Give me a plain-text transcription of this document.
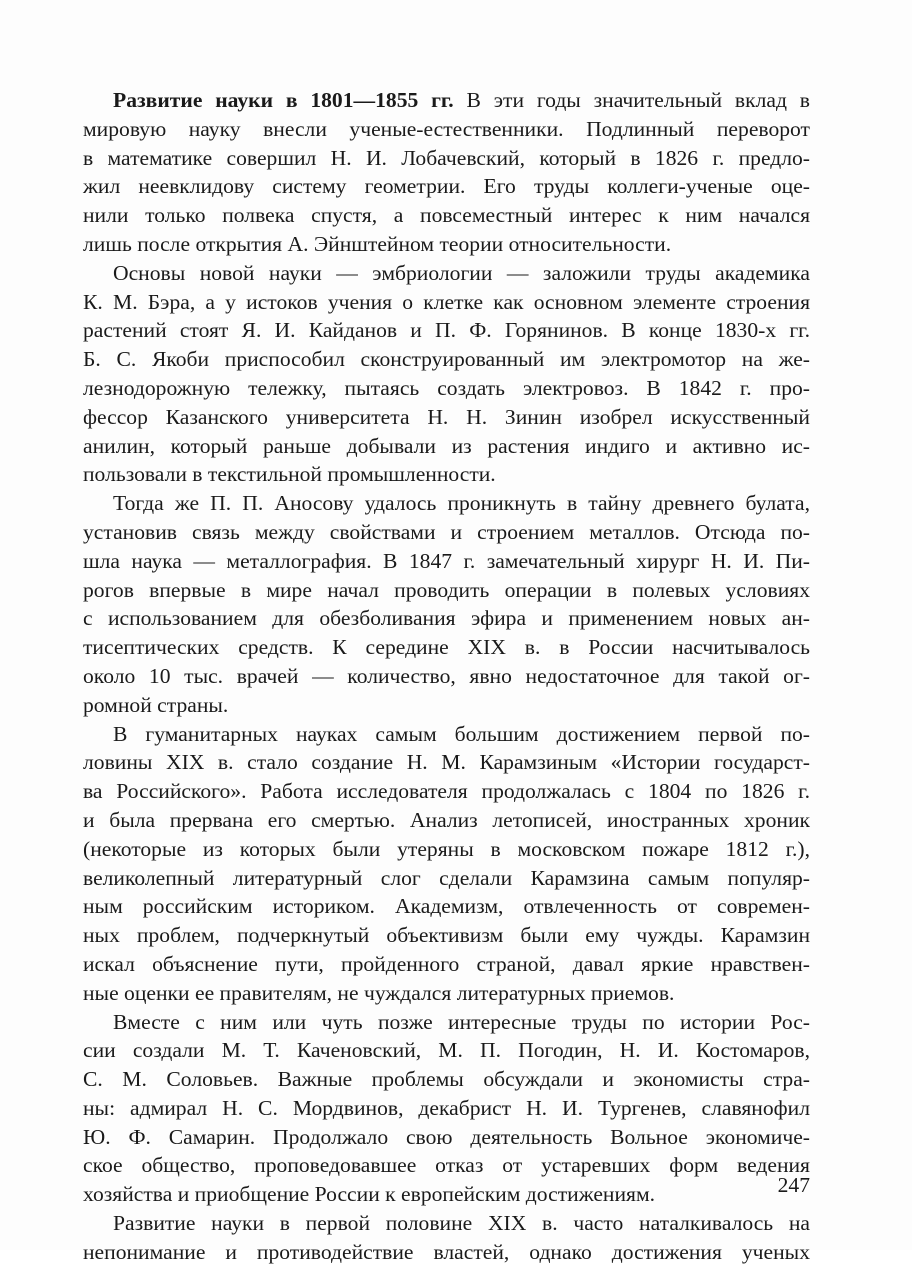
Развитие науки в 1801—1855 гг. В эти годы значительный вклад в
мировую науку внесли ученые-естественники. Подлинный переворот
в математике совершил Н. И. Лобачевский, который в 1826 г. предло-
жил неевклидову систему геометрии. Его труды коллеги-ученые оце-
нили только полвека спустя, а повсеместный интерес к ним начался
лишь после открытия А. Эйнштейном теории относительности.
Основы новой науки — эмбриологии — заложили труды академика
К. М. Бэра, а у истоков учения о клетке как основном элементе строения
растений стоят Я. И. Кайданов и П. Ф. Горянинов. В конце 1830-х гг.
Б. С. Якоби приспособил сконструированный им электромотор на же-
лезнодорожную тележку, пытаясь создать электровоз. В 1842 г. про-
фессор Казанского университета Н. Н. Зинин изобрел искусственный
анилин, который раньше добывали из растения индиго и активно ис-
пользовали в текстильной промышленности.
Тогда же П. П. Аносову удалось проникнуть в тайну древнего булата,
установив связь между свойствами и строением металлов. Отсюда по-
шла наука — металлография. В 1847 г. замечательный хирург Н. И. Пи-
рогов впервые в мире начал проводить операции в полевых условиях
с использованием для обезболивания эфира и применением новых ан-
тисептических средств. К середине XIX в. в России насчитывалось
около 10 тыс. врачей — количество, явно недостаточное для такой ог-
ромной страны.
В гуманитарных науках самым большим достижением первой по-
ловины XIX в. стало создание Н. М. Карамзиным «Истории государст-
ва Российского». Работа исследователя продолжалась с 1804 по 1826 г.
и была прервана его смертью. Анализ летописей, иностранных хроник
(некоторые из которых были утеряны в московском пожаре 1812 г.),
великолепный литературный слог сделали Карамзина самым популяр-
ным российским историком. Академизм, отвлеченность от современ-
ных проблем, подчеркнутый объективизм были ему чужды. Карамзин
искал объяснение пути, пройденного страной, давал яркие нравствен-
ные оценки ее правителям, не чуждался литературных приемов.
Вместе с ним или чуть позже интересные труды по истории Рос-
сии создали М. Т. Каченовский, М. П. Погодин, Н. И. Костомаров,
С. М. Соловьев. Важные проблемы обсуждали и экономисты стра-
ны: адмирал Н. С. Мордвинов, декабрист Н. И. Тургенев, славянофил
Ю. Ф. Самарин. Продолжало свою деятельность Вольное экономиче-
ское общество, проповедовавшее отказ от устаревших форм ведения
хозяйства и приобщение России к европейским достижениям.
Развитие науки в первой половине XIX в. часто наталкивалось на
непонимание и противодействие властей, однако достижения ученых
247
